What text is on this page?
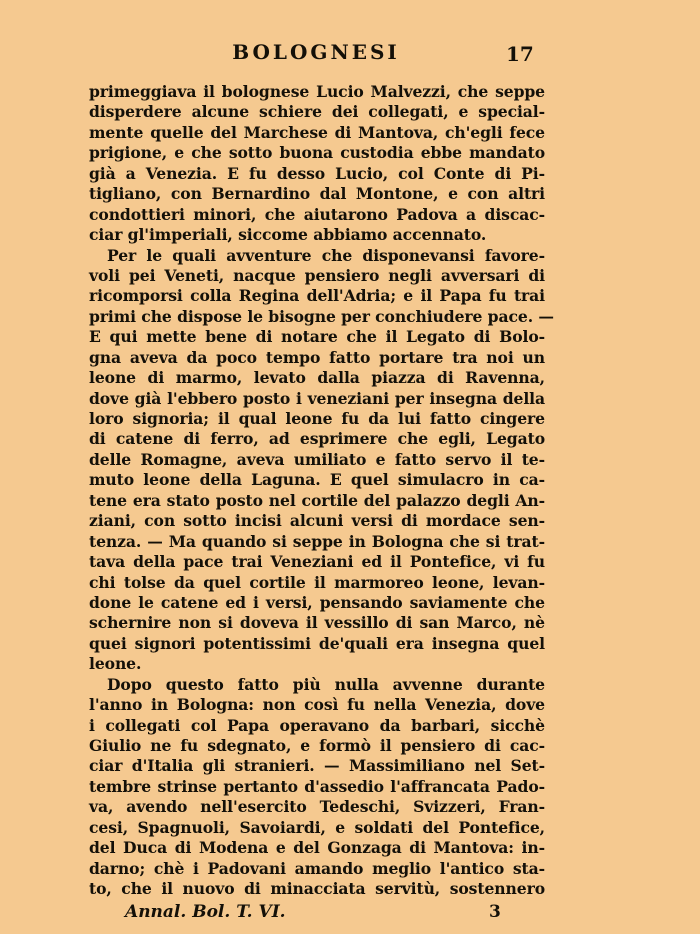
BOLOGNESI	17
primeggiava il bolognese Lucio Malvezzi, che seppe
disperdere alcune schiere dei collegati, e special-
mente quelle del Marchese di Mantova, ch'egli fece
prigione, e che sotto buona custodia ebbe mandato
già a Venezia. E fu desso Lucio, col Conte di Pi-
tigliano, con Bernardino dal Montone, e con altri
condottieri minori, che aiutarono Padova a discac-
ciar gl'imperiali, siccome abbiamo accennato.
Per le quali avventure che disponevansi favore-
voli pei Veneti, nacque pensiero negli avversari di
ricomporsi colla Regina dell'Adria; e il Papa fu trai
primi che dispose le bisogne per conchiudere pace. —
E qui mette bene di notare che il Legato di Bolo-
gna aveva da poco tempo fatto portare tra noi un
leone di marmo, levato dalla piazza di Ravenna,
dove già l'ebbero posto i veneziani per insegna della
loro signoria; il qual leone fu da lui fatto cingere
di catene di ferro, ad esprimere che egli, Legato
delle Romagne, aveva umiliato e fatto servo il te-
muto leone della Laguna. E quel simulacro in ca-
tene era stato posto nel cortile del palazzo degli An-
ziani, con sotto incisi alcuni versi di mordace sen-
tenza. — Ma quando si seppe in Bologna che si trat-
tava della pace trai Veneziani ed il Pontefice, vi fu
chi tolse da quel cortile il marmoreo leone, levan-
done le catene ed i versi, pensando saviamente che
schernire non si doveva il vessillo di san Marco, nè
quei signori potentissimi de'quali era insegna quel
leone.
Dopo questo fatto più nulla avvenne durante
l'anno in Bologna: non così fu nella Venezia, dove
i collegati col Papa operavano da barbari, sicchè
Giulio ne fu sdegnato, e formò il pensiero di cac-
ciar d'Italia gli stranieri. — Massimiliano nel Set-
tembre strinse pertanto d'assedio l'affrancata Pado-
va, avendo nell'esercito Tedeschi, Svizzeri, Fran-
cesi, Spagnuoli, Savoiardi, e soldati del Pontefice,
del Duca di Modena e del Gonzaga di Mantova: in-
darno; chè i Padovani amando meglio l'antico sta-
to, che il nuovo di minacciata servitù, sostennero
Annal. Bol. T. VI.	3
